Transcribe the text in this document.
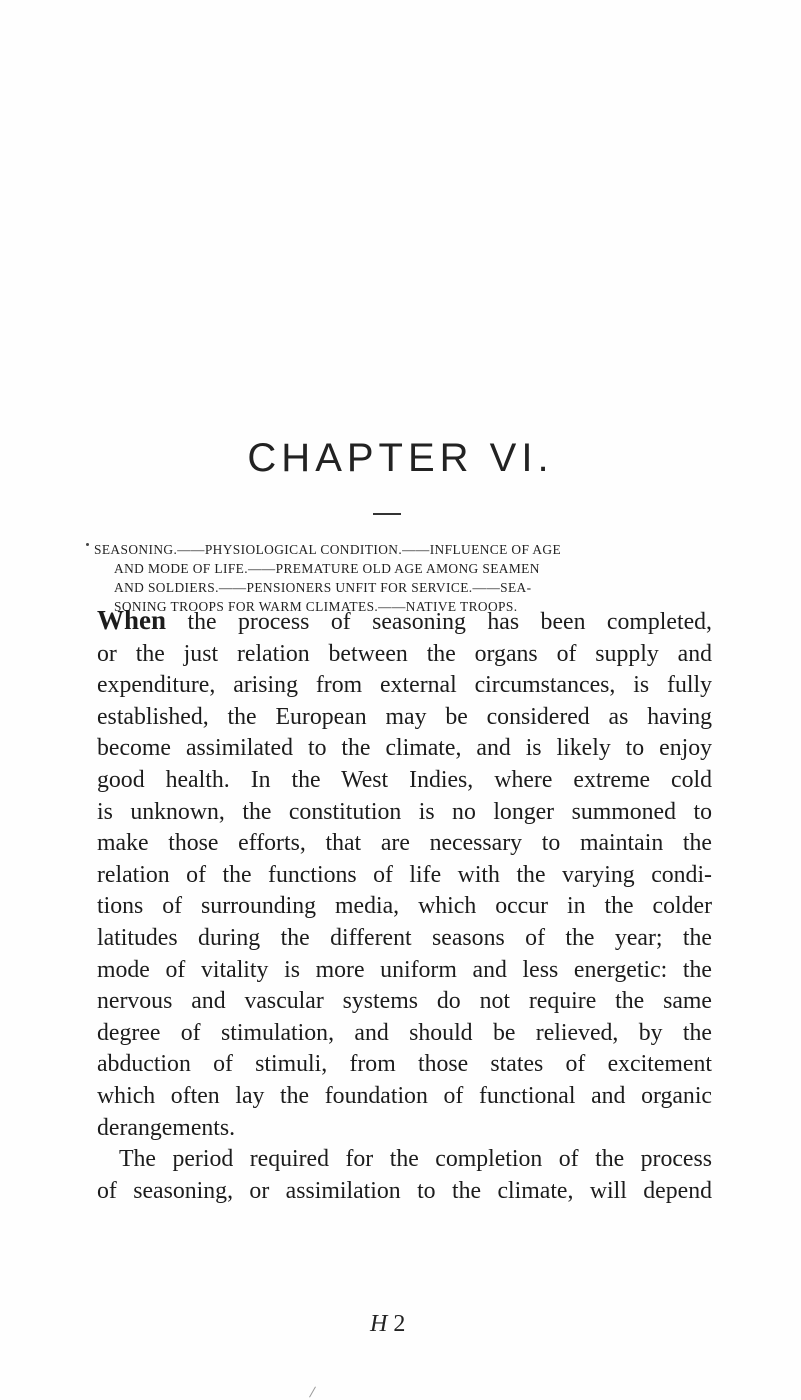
CHAPTER VI.
SEASONING.——PHYSIOLOGICAL CONDITION.——INFLUENCE OF AGE
AND MODE OF LIFE.——PREMATURE OLD AGE AMONG SEAMEN
AND SOLDIERS.——PENSIONERS UNFIT FOR SERVICE.——SEA-
SONING TROOPS FOR WARM CLIMATES.——NATIVE TROOPS.
When the process of seasoning has been completed,
or the just relation between the organs of supply and
expenditure, arising from external circumstances, is fully
established, the European may be considered as having
become assimilated to the climate, and is likely to enjoy
good health. In the West Indies, where extreme cold
is unknown, the constitution is no longer summoned to
make those efforts, that are necessary to maintain the
relation of the functions of life with the varying condi-
tions of surrounding media, which occur in the colder
latitudes during the different seasons of the year; the
mode of vitality is more uniform and less energetic: the
nervous and vascular systems do not require the same
degree of stimulation, and should be relieved, by the
abduction of stimuli, from those states of excitement
which often lay the foundation of functional and organic
derangements.
The period required for the completion of the process
of seasoning, or assimilation to the climate, will depend
H 2
